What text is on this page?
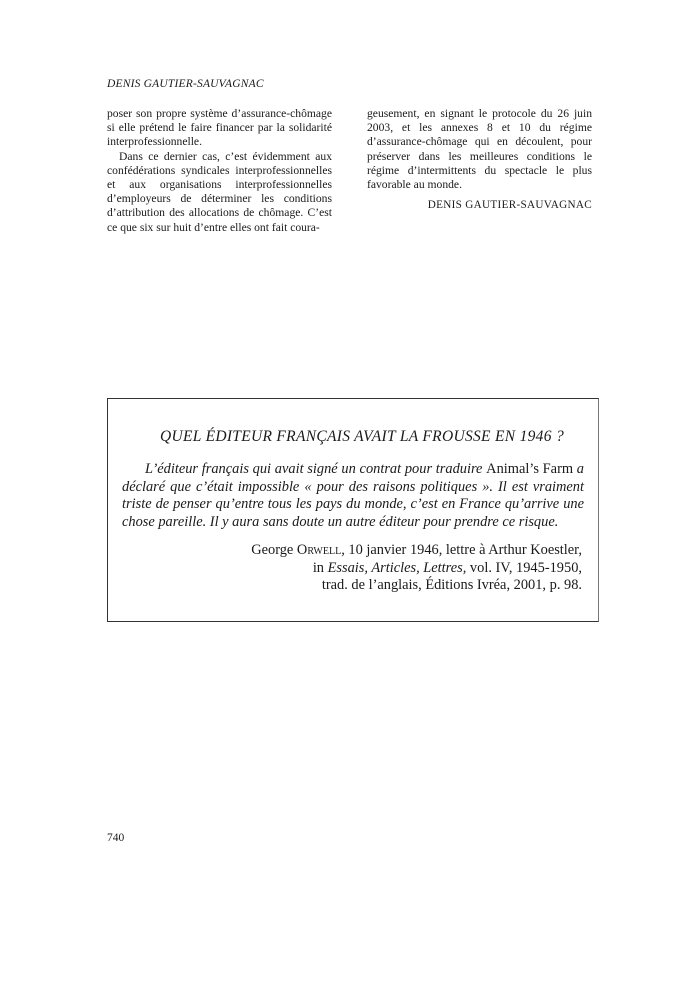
DENIS GAUTIER-SAUVAGNAC

poser son propre système d’assurance-chômage si elle prétend le faire financer par la solidarité interprofessionnelle.

Dans ce dernier cas, c’est évidemment aux confédérations syndicales interprofessionnelles et aux organisations interprofessionnelles d’employeurs de déterminer les conditions d’attribution des allocations de chômage. C’est ce que six sur huit d’entre elles ont fait coura-

geusement, en signant le protocole du 26 juin 2003, et les annexes 8 et 10 du régime d’assurance-chômage qui en découlent, pour préserver dans les meilleures conditions le régime d’intermittents du spectacle le plus favorable au monde.

DENIS GAUTIER-SAUVAGNAC

QUEL ÉDITEUR FRANÇAIS AVAIT LA FROUSSE EN 1946 ?

L’éditeur français qui avait signé un contrat pour traduire Animal’s Farm a déclaré que c’était impossible « pour des raisons politiques ». Il est vraiment triste de penser qu’entre tous les pays du monde, c’est en France qu’arrive une chose pareille. Il y aura sans doute un autre éditeur pour prendre ce risque.

George Orwell, 10 janvier 1946, lettre à Arthur Koestler,
in Essais, Articles, Lettres, vol. IV, 1945-1950,
trad. de l’anglais, Éditions Ivréa, 2001, p. 98.
740
